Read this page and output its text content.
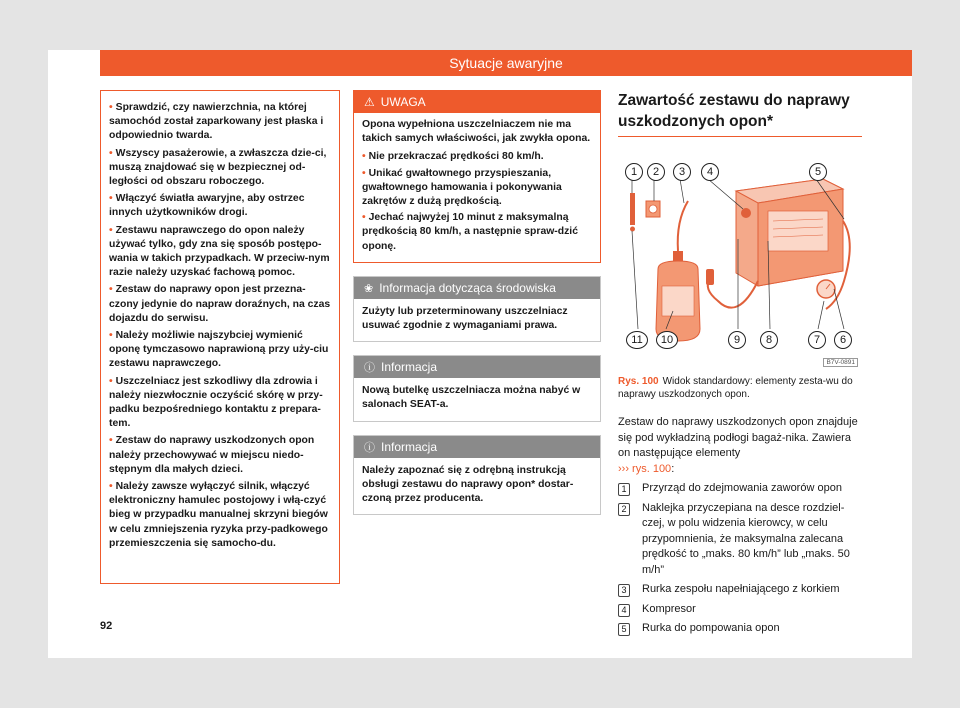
Sytuacje awaryjne
• Sprawdzić, czy nawierzchnia, na której samochód został zaparkowany jest płaska i odpowiednio twarda.
• Wszyscy pasażerowie, a zwłaszcza dzie-ci, muszą znajdować się w bezpiecznej od-ległości od obszaru roboczego.
• Włączyć światła awaryjne, aby ostrzec innych użytkowników drogi.
• Zestawu naprawczego do opon należy używać tylko, gdy zna się sposób postępo-wania w takich przypadkach. W przeciw-nym razie należy uzyskać fachową pomoc.
• Zestaw do naprawy opon jest przezna-czony jedynie do napraw doraźnych, na czas dojazdu do serwisu.
• Należy możliwie najszybciej wymienić oponę tymczasowo naprawioną przy uży-ciu zestawu naprawczego.
• Uszczelniacz jest szkodliwy dla zdrowia i należy niezwłocznie oczyścić skórę w przy-padku bezpośredniego kontaktu z prepara-tem.
• Zestaw do naprawy uszkodzonych opon należy przechowywać w miejscu niedo-stępnym dla małych dzieci.
• Należy zawsze wyłączyć silnik, włączyć elektroniczny hamulec postojowy i włą-czyć bieg w przypadku manualnej skrzyni biegów w celu zmniejszenia ryzyka przy-padkowego przemieszczenia się samocho-du.
⚠ UWAGA

Opona wypełniona uszczelniaczem nie ma takich samych właściwości, jak zwykła opona.

• Nie przekraczać prędkości 80 km/h.
• Unikać gwałtownego przyspieszania, gwałtownego hamowania i pokonywania zakrętów z dużą prędkością.
• Jechać najwyżej 10 minut z maksymalną prędkością 80 km/h, a następnie spraw-dzić oponę.
❀ Informacja dotycząca środowiska
Zużyty lub przeterminowany uszczelniacz usuwać zgodnie z wymaganiami prawa.
ⓘ Informacja
Nową butelkę uszczelniacza można nabyć w salonach SEAT-a.
ⓘ Informacja
Należy zapoznać się z odrębną instrukcją obsługi zestawu do naprawy opon* dostar-czoną przez producenta.
Zawartość zestawu do naprawy uszkodzonych opon*
1	2	3	4	5
11	10	9	8	7	6
B7V-0891
Rys. 100 Widok standardowy: elementy zesta-wu do naprawy uszkodzonych opon.
Zestaw do naprawy uszkodzonych opon znajduje się pod wykładziną podłogi bagaż-nika. Zawiera on następujące elementy
››› rys. 100:
1	Przyrząd do zdejmowania zaworów opon
2	Naklejka przyczepiana na desce rozdziel-czej, w polu widzenia kierowcy, w celu przypomnienia, że maksymalna zalecana prędkość to „maks. 80 km/h” lub „maks. 50 m/h”
3	Rurka zespołu napełniającego z korkiem
4	Kompresor
5	Rurka do pompowania opon
92
